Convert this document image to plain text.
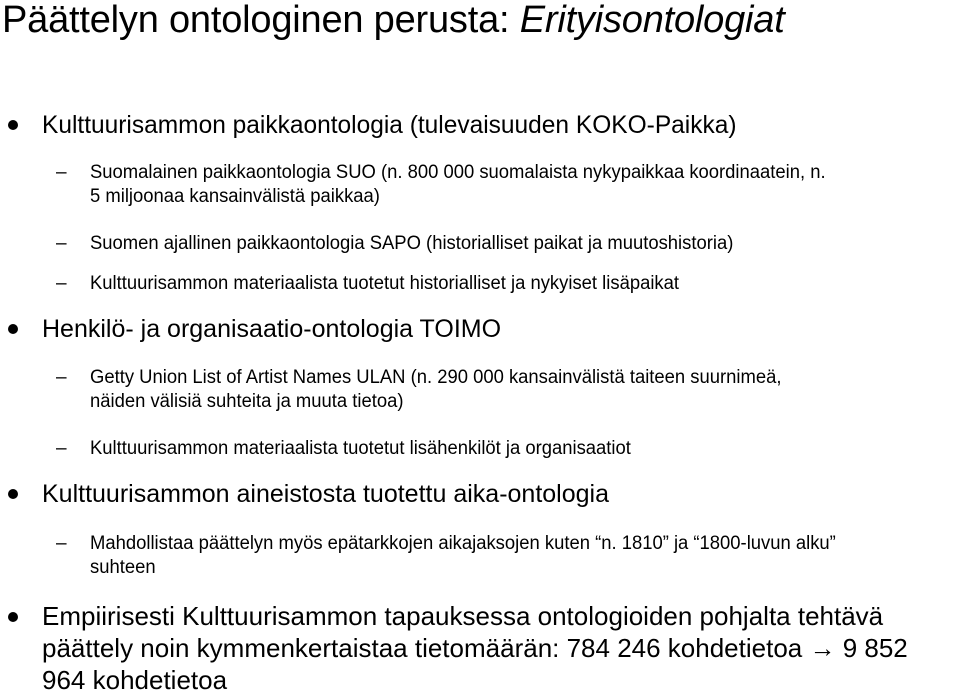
Päättelyn ontologinen perusta: Erityisontologiat

Kulttuurisammon paikkaontologia (tulevaisuuden KOKO-Paikka)

– Suomalainen paikkaontologia SUO (n. 800 000 suomalaista nykypaikkaa koordinaatein, n.
5 miljoonaa kansainvälistä paikkaa)

– Suomen ajallinen paikkaontologia SAPO (historialliset paikat ja muutoshistoria)

– Kulttuurisammon materiaalista tuotetut historialliset ja nykyiset lisäpaikat

Henkilö- ja organisaatio-ontologia TOIMO

– Getty Union List of Artist Names ULAN (n. 290 000 kansainvälistä taiteen suurnimeä,
näiden välisiä suhteita ja muuta tietoa)

– Kulttuurisammon materiaalista tuotetut lisähenkilöt ja organisaatiot

Kulttuurisammon aineistosta tuotettu aika-ontologia

– Mahdollistaa päättelyn myös epätarkkojen aikajaksojen kuten “n. 1810” ja “1800-luvun alku”
suhteen

Empiirisesti Kulttuurisammon tapauksessa ontologioiden pohjalta tehtävä
päättely noin kymmenkertaistaa tietomäärän: 784 246 kohdetietoa → 9 852
964 kohdetietoa
